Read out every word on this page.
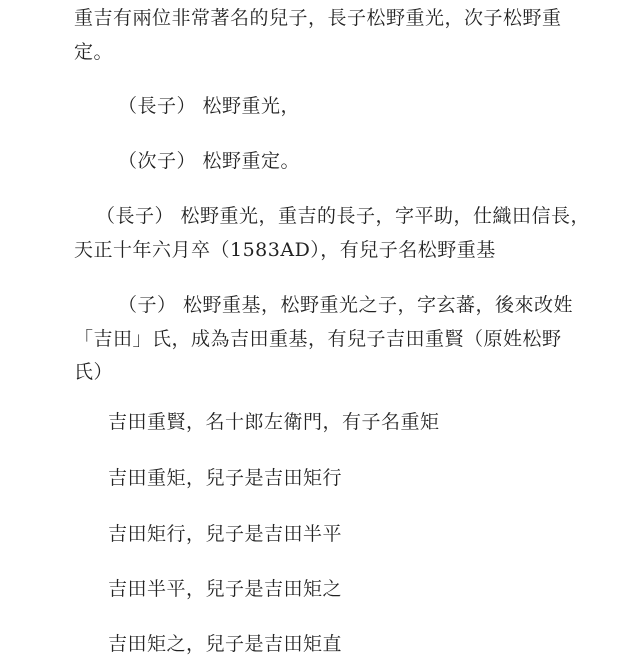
重吉有兩位非常著名的兒子，長子松野重光，次子松野重
定。
（長子） 松野重光，
（次子） 松野重定。
（長子） 松野重光，重吉的長子，字平助，仕織田信長，
天正十年六月卒（1583AD），有兒子名松野重基
（子） 松野重基，松野重光之子，字玄蕃，後來改姓
「吉田」氏，成為吉田重基，有兒子吉田重賢（原姓松野
氏）
吉田重賢，名十郎左衛門，有子名重矩
吉田重矩，兒子是吉田矩行
吉田矩行，兒子是吉田半平
吉田半平，兒子是吉田矩之
吉田矩之，兒子是吉田矩直
